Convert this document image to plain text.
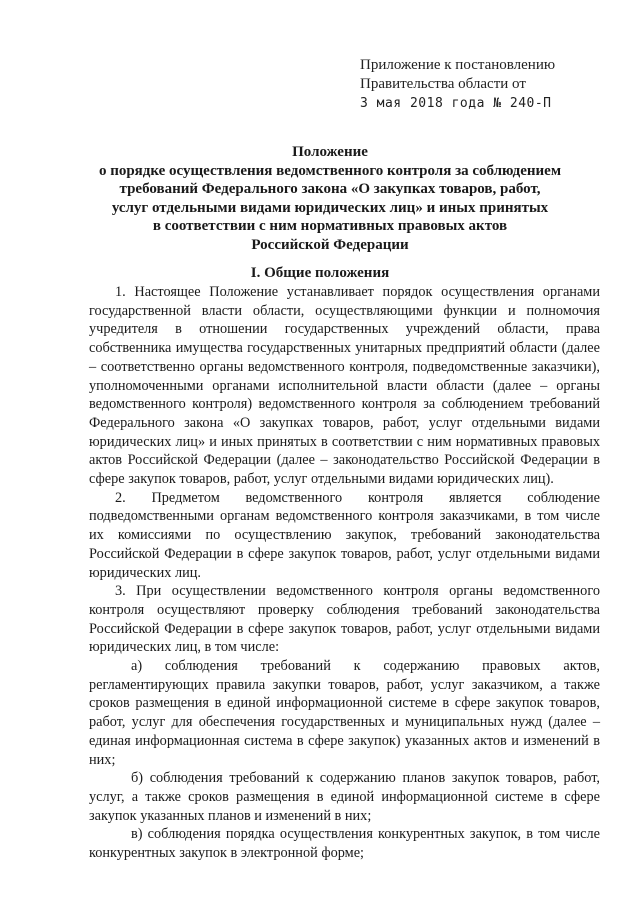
Приложение к постановлению
Правительства области от
3 мая 2018 года № 240-П
Положение
о порядке осуществления ведомственного контроля за соблюдением
требований Федерального закона «О закупках товаров, работ,
услуг отдельными видами юридических лиц» и иных принятых
в соответствии с ним нормативных правовых актов
Российской Федерации
I. Общие положения

1. Настоящее Положение устанавливает порядок осуществления органами государственной власти области, осуществляющими функции и полномочия учредителя в отношении государственных учреждений области, права собственника имущества государственных унитарных предприятий области (далее – соответственно органы ведомственного контроля, подведомственные заказчики), уполномоченными органами исполнительной власти области (далее – органы ведомственного контроля) ведомственного контроля за соблюдением требований Федерального закона «О закупках товаров, работ, услуг отдельными видами юридических лиц» и иных принятых в соответствии с ним нормативных правовых актов Российской Федерации (далее – законодательство Российской Федерации в сфере закупок товаров, работ, услуг отдельными видами юридических лиц).

2. Предметом ведомственного контроля является соблюдение подведомственными органам ведомственного контроля заказчиками, в том числе их комиссиями по осуществлению закупок, требований законодательства Российской Федерации в сфере закупок товаров, работ, услуг отдельными видами юридических лиц.

3. При осуществлении ведомственного контроля органы ведомственного контроля осуществляют проверку соблюдения требований законодательства Российской Федерации в сфере закупок товаров, работ, услуг отдельными видами юридических лиц, в том числе:

а) соблюдения требований к содержанию правовых актов, регламентирующих правила закупки товаров, работ, услуг заказчиком, а также сроков размещения в единой информационной системе в сфере закупок товаров, работ, услуг для обеспечения государственных и муниципальных нужд (далее – единая информационная система в сфере закупок) указанных актов и изменений в них;

б) соблюдения требований к содержанию планов закупок товаров, работ, услуг, а также сроков размещения в единой информационной системе в сфере закупок указанных планов и изменений в них;

в) соблюдения порядка осуществления конкурентных закупок, в том числе конкурентных закупок в электронной форме;
